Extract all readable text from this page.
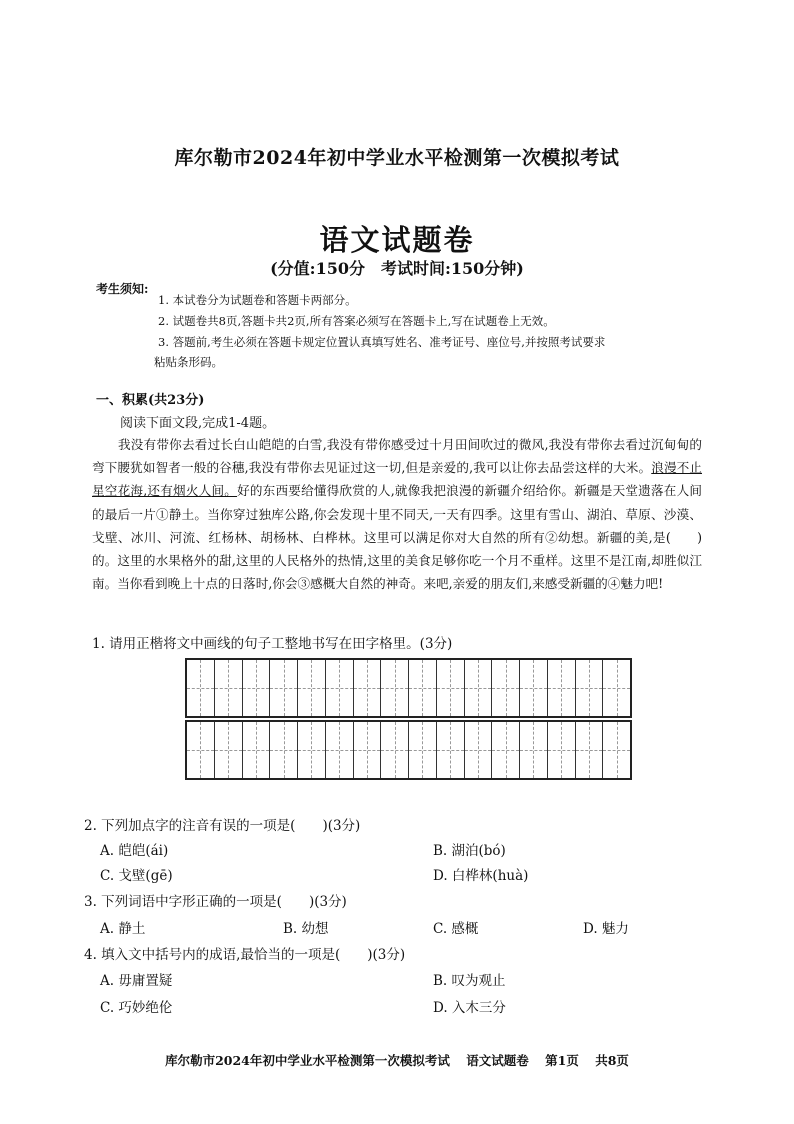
库尔勒市2024年初中学业水平检测第一次模拟考试
语文试题卷
(分值:150分　考试时间:150分钟)
考生须知:
1. 本试卷分为试题卷和答题卡两部分。
2. 试题卷共8页,答题卡共2页,所有答案必须写在答题卡上,写在试题卷上无效。
3. 答题前,考生必须在答题卡规定位置认真填写姓名、准考证号、座位号,并按照考试要求
粘贴条形码。
一、积累(共23分)
阅读下面文段,完成1-4题。
我没有带你去看过长白山皑皑的白雪,我没有带你感受过十月田间吹过的微风,我没有带你去看过沉甸甸的弯下腰犹如智者一般的谷穗,我没有带你去见证过这一切,但是亲爱的,我可以让你去品尝这样的大米。浪漫不止星空花海,还有烟火人间。好的东西要给懂得欣赏的人,就像我把浪漫的新疆介绍给你。新疆是天堂遗落在人间的最后一片①静土。当你穿过独库公路,你会发现十里不同天,一天有四季。这里有雪山、湖泊、草原、沙漠、戈壁、冰川、河流、红杨林、胡杨林、白桦林。这里可以满足你对大自然的所有②幼想。新疆的美,是(　　)的。这里的水果格外的甜,这里的人民格外的热情,这里的美食足够你吃一个月不重样。这里不是江南,却胜似江南。当你看到晚上十点的日落时,你会③感概大自然的神奇。来吧,亲爱的朋友们,来感受新疆的④魅力吧!
1. 请用正楷将文中画线的句子工整地书写在田字格里。(3分)
2. 下列加点字的注音有误的一项是(　　)(3分)
A. 皑皑(ái)	B. 湖泊(bó)
C. 戈壁(gē)	D. 白桦林(huà)
3. 下列词语中字形正确的一项是(　　)(3分)
A. 静土	B. 幼想	C. 感概	D. 魅力
4. 填入文中括号内的成语,最恰当的一项是(　　)(3分)
A. 毋庸置疑	B. 叹为观止
C. 巧妙绝伦	D. 入木三分
库尔勒市2024年初中学业水平检测第一次模拟考试 语文试题卷 第1页 共8页
